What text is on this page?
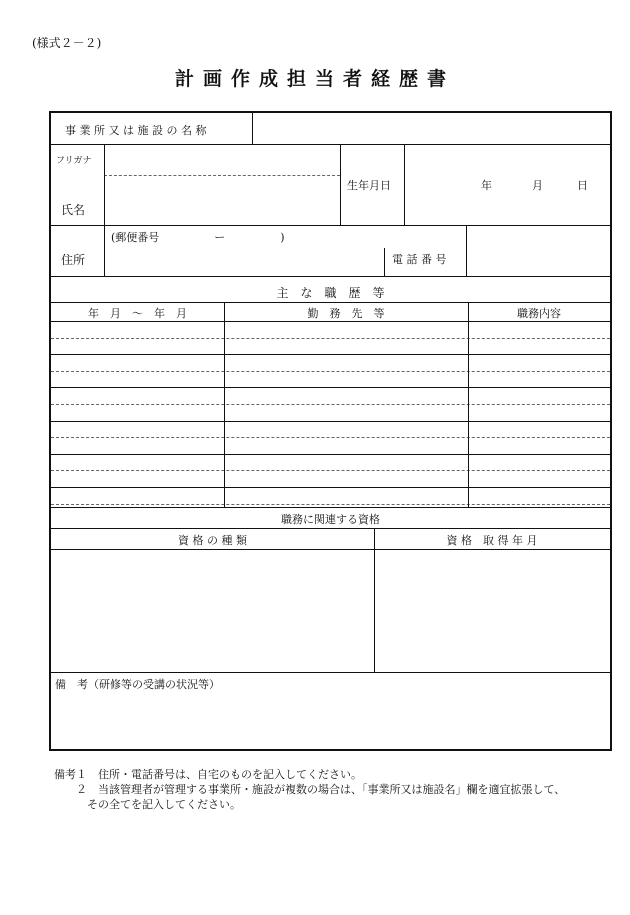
(様式２－２)
計画作成担当者経歴書
事 業 所 又 は 施 設 の 名 称
フリガナ
氏名
生年月日	年	月	日
住所
(郵便番号　　　　　ー　　　　　)
電 話 番 号
主　な　職　歴　等
年　月　～　年　月	勤　務　先　等	職務内容
職務に関連する資格
資 格 の 種 類	資 格　取 得 年 月
備　考（研修等の受講の状況等）
備考１　住所・電話番号は、自宅のものを記入してください。
　　２　当該管理者が管理する事業所・施設が複数の場合は、「事業所又は施設名」欄を適宜拡張して、
　　　その全てを記入してください。
